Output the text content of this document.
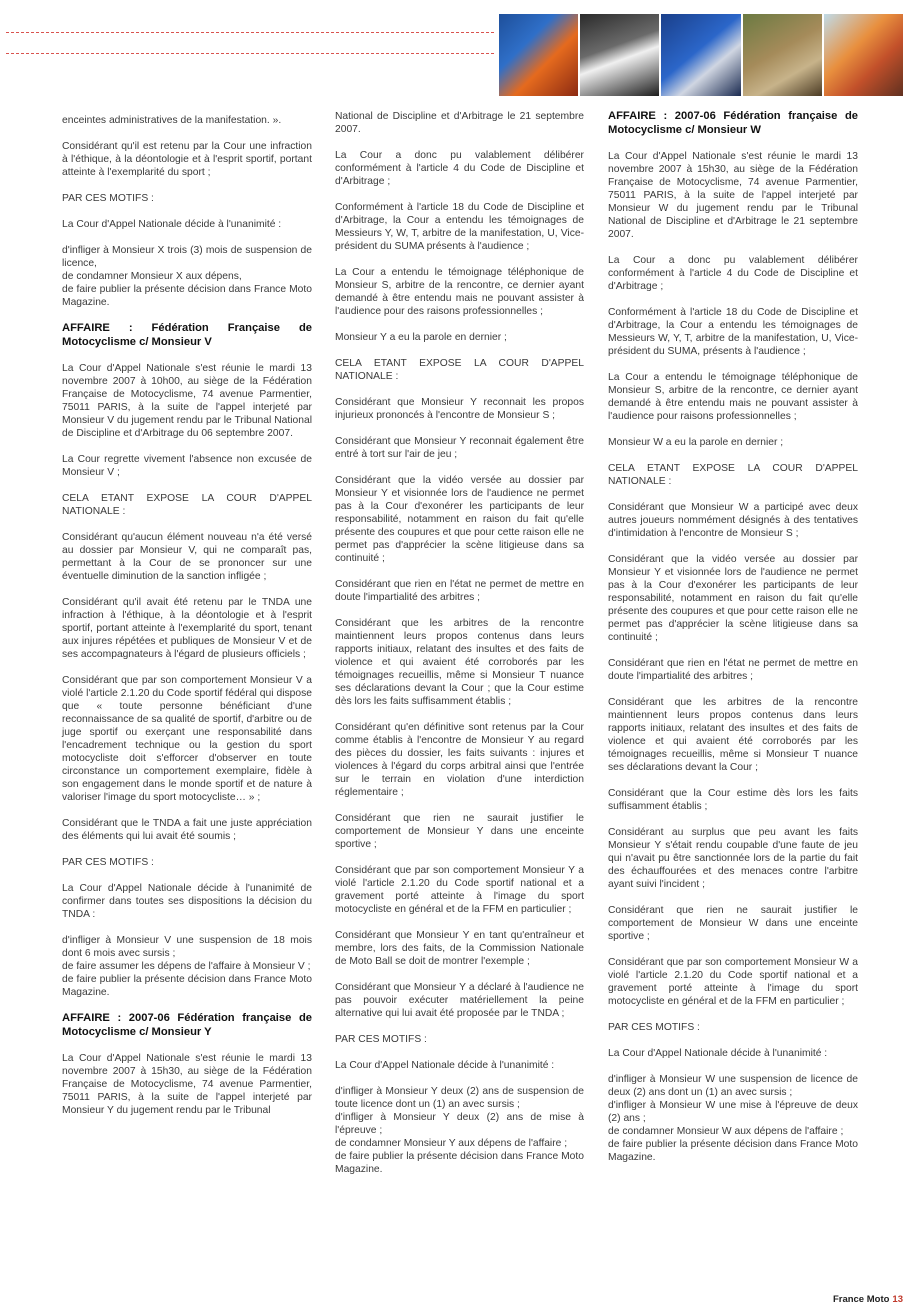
enceintes administratives de la manifestation. ».

Considérant qu'il est retenu par la Cour une infraction à l'éthique, à la déontologie et à l'esprit sportif, portant atteinte à l'exemplarité du sport ;

PAR CES MOTIFS :

La Cour d'Appel Nationale décide à l'unanimité :

d'infliger à Monsieur X trois (3) mois de suspension de licence,
de condamner Monsieur X aux dépens,
de faire publier la présente décision dans France Moto Magazine.

AFFAIRE : Fédération Française de Motocyclisme c/ Monsieur V

La Cour d'Appel Nationale s'est réunie le mardi 13 novembre 2007 à 10h00, au siège de la Fédération Française de Motocyclisme, 74 avenue Parmentier, 75011 PARIS, à la suite de l'appel interjeté par Monsieur V du jugement rendu par le Tribunal National de Discipline et d'Arbitrage du 06 septembre 2007.

La Cour regrette vivement l'absence non excusée de Monsieur V ;

CELA ETANT EXPOSE LA COUR D'APPEL NATIONALE :

Considérant qu'aucun élément nouveau n'a été versé au dossier par Monsieur V, qui ne comparaît pas, permettant à la Cour de se prononcer sur une éventuelle diminution de la sanction infligée ;

Considérant qu'il avait été retenu par le TNDA une infraction à l'éthique, à la déontologie et à l'esprit sportif, portant atteinte à l'exemplarité du sport, tenant aux injures répétées et publiques de Monsieur V et de ses accompagnateurs à l'égard de plusieurs officiels ;

Considérant que par son comportement Monsieur V a violé l'article 2.1.20 du Code sportif fédéral qui dispose que « toute personne bénéficiant d'une reconnaissance de sa qualité de sportif, d'arbitre ou de juge sportif ou exerçant une responsabilité dans l'encadrement technique ou la gestion du sport motocycliste doit s'efforcer d'observer en toute circonstance un comportement exemplaire, fidèle à son engagement dans le monde sportif et de nature à valoriser l'image du sport motocycliste… » ;

Considérant que le TNDA a fait une juste appréciation des éléments qui lui avait été soumis ;

PAR CES MOTIFS :

La Cour d'Appel Nationale décide à l'unanimité de confirmer dans toutes ses dispositions la décision du TNDA :

d'infliger à Monsieur V une suspension de 18 mois dont 6 mois avec sursis ;
de faire assumer les dépens de l'affaire à Monsieur V ;
de faire publier la présente décision dans France Moto Magazine.

AFFAIRE : 2007-06 Fédération française de Motocyclisme c/ Monsieur Y

La Cour d'Appel Nationale s'est réunie le mardi 13 novembre 2007 à 15h30, au siège de la Fédération Française de Motocyclisme, 74 avenue Parmentier, 75011 PARIS, à la suite de l'appel interjeté par Monsieur Y du jugement rendu par le Tribunal

National de Discipline et d'Arbitrage le 21 septembre 2007.

La Cour a donc pu valablement délibérer conformément à l'article 4 du Code de Discipline et d'Arbitrage ;

Conformément à l'article 18 du Code de Discipline et d'Arbitrage, la Cour a entendu les témoignages de Messieurs Y, W, T, arbitre de la manifestation, U, Vice-président du SUMA présents à l'audience ;

La Cour a entendu le témoignage téléphonique de Monsieur S, arbitre de la rencontre, ce dernier ayant demandé à être entendu mais ne pouvant assister à l'audience pour des raisons professionnelles ;

Monsieur Y a eu la parole en dernier ;

CELA ETANT EXPOSE LA COUR D'APPEL NATIONALE :

Considérant que Monsieur Y reconnait les propos injurieux prononcés à l'encontre de Monsieur S ;

Considérant que Monsieur Y reconnait également être entré à tort sur l'air de jeu ;

Considérant que la vidéo versée au dossier par Monsieur Y et visionnée lors de l'audience ne permet pas à la Cour d'exonérer les participants de leur responsabilité, notamment en raison du fait qu'elle présente des coupures et que pour cette raison elle ne permet pas d'apprécier la scène litigieuse dans sa continuité ;

Considérant que rien en l'état ne permet de mettre en doute l'impartialité des arbitres ;

Considérant que les arbitres de la rencontre maintiennent leurs propos contenus dans leurs rapports initiaux, relatant des insultes et des faits de violence et qui avaient été corroborés par les témoignages recueillis, même si Monsieur T nuance ses déclarations devant la Cour ; que la Cour estime dès lors les faits suffisamment établis ;

Considérant qu'en définitive sont retenus par la Cour comme établis à l'encontre de Monsieur Y au regard des pièces du dossier, les faits suivants : injures et violences à l'égard du corps arbitral ainsi que l'entrée sur le terrain en violation d'une interdiction réglementaire ;

Considérant que rien ne saurait justifier le comportement de Monsieur Y dans une enceinte sportive ;

Considérant que par son comportement Monsieur Y a violé l'article 2.1.20 du Code sportif national et a gravement porté atteinte à l'image du sport motocycliste en général et de la FFM en particulier ;

Considérant que Monsieur Y en tant qu'entraîneur et membre, lors des faits, de la Commission Nationale de Moto Ball se doit de montrer l'exemple ;

Considérant que Monsieur Y a déclaré à l'audience ne pas pouvoir exécuter matériellement la peine alternative qui lui avait été proposée par le TNDA ;

PAR CES MOTIFS :

La Cour d'Appel Nationale décide à l'unanimité :

d'infliger à Monsieur Y deux (2) ans de suspension de toute licence dont un (1) an avec sursis ;
d'infliger à Monsieur Y deux (2) ans de mise à l'épreuve ;
de condamner Monsieur Y aux dépens de l'affaire ;
de faire publier la présente décision dans France Moto Magazine.

AFFAIRE : 2007-06 Fédération française de Motocyclisme c/ Monsieur W

La Cour d'Appel Nationale s'est réunie le mardi 13 novembre 2007 à 15h30, au siège de la Fédération Française de Motocyclisme, 74 avenue Parmentier, 75011 PARIS, à la suite de l'appel interjeté par Monsieur W du jugement rendu par le Tribunal National de Discipline et d'Arbitrage le 21 septembre 2007.

La Cour a donc pu valablement délibérer conformément à l'article 4 du Code de Discipline et d'Arbitrage ;

Conformément à l'article 18 du Code de Discipline et d'Arbitrage, la Cour a entendu les témoignages de Messieurs W, Y, T, arbitre de la manifestation, U, Vice-président du SUMA, présents à l'audience ;

La Cour a entendu le témoignage téléphonique de Monsieur S, arbitre de la rencontre, ce dernier ayant demandé à être entendu mais ne pouvant assister à l'audience pour raisons professionnelles ;

Monsieur W a eu la parole en dernier ;

CELA ETANT EXPOSE LA COUR D'APPEL NATIONALE :

Considérant que Monsieur W a participé avec deux autres joueurs nommément désignés à des tentatives d'intimidation à l'encontre de Monsieur S ;

Considérant que la vidéo versée au dossier par Monsieur Y et visionnée lors de l'audience ne permet pas à la Cour d'exonérer les participants de leur responsabilité, notamment en raison du fait qu'elle présente des coupures et que pour cette raison elle ne permet pas d'apprécier la scène litigieuse dans sa continuité ;

Considérant que rien en l'état ne permet de mettre en doute l'impartialité des arbitres ;

Considérant que les arbitres de la rencontre maintiennent leurs propos contenus dans leurs rapports initiaux, relatant des insultes et des faits de violence et qui avaient été corroborés par les témoignages recueillis, même si Monsieur T nuance ses déclarations devant la Cour ;

Considérant que la Cour estime dès lors les faits suffisamment établis ;

Considérant au surplus que peu avant les faits Monsieur Y s'était rendu coupable d'une faute de jeu qui n'avait pu être sanctionnée lors de la partie du fait des échauffourées et des menaces contre l'arbitre ayant suivi l'incident ;

Considérant que rien ne saurait justifier le comportement de Monsieur W dans une enceinte sportive ;

Considérant que par son comportement Monsieur W a violé l'article 2.1.20 du Code sportif national et a gravement porté atteinte à l'image du sport motocycliste en général et de la FFM en particulier ;

PAR CES MOTIFS :

La Cour d'Appel Nationale décide à l'unanimité :

d'infliger à Monsieur W une suspension de licence de deux (2) ans dont un (1) an avec sursis ;
d'infliger à Monsieur W une mise à l'épreuve de deux (2) ans ;
de condamner Monsieur W aux dépens de l'affaire ;
de faire publier la présente décision dans France Moto Magazine.

France Moto 13
